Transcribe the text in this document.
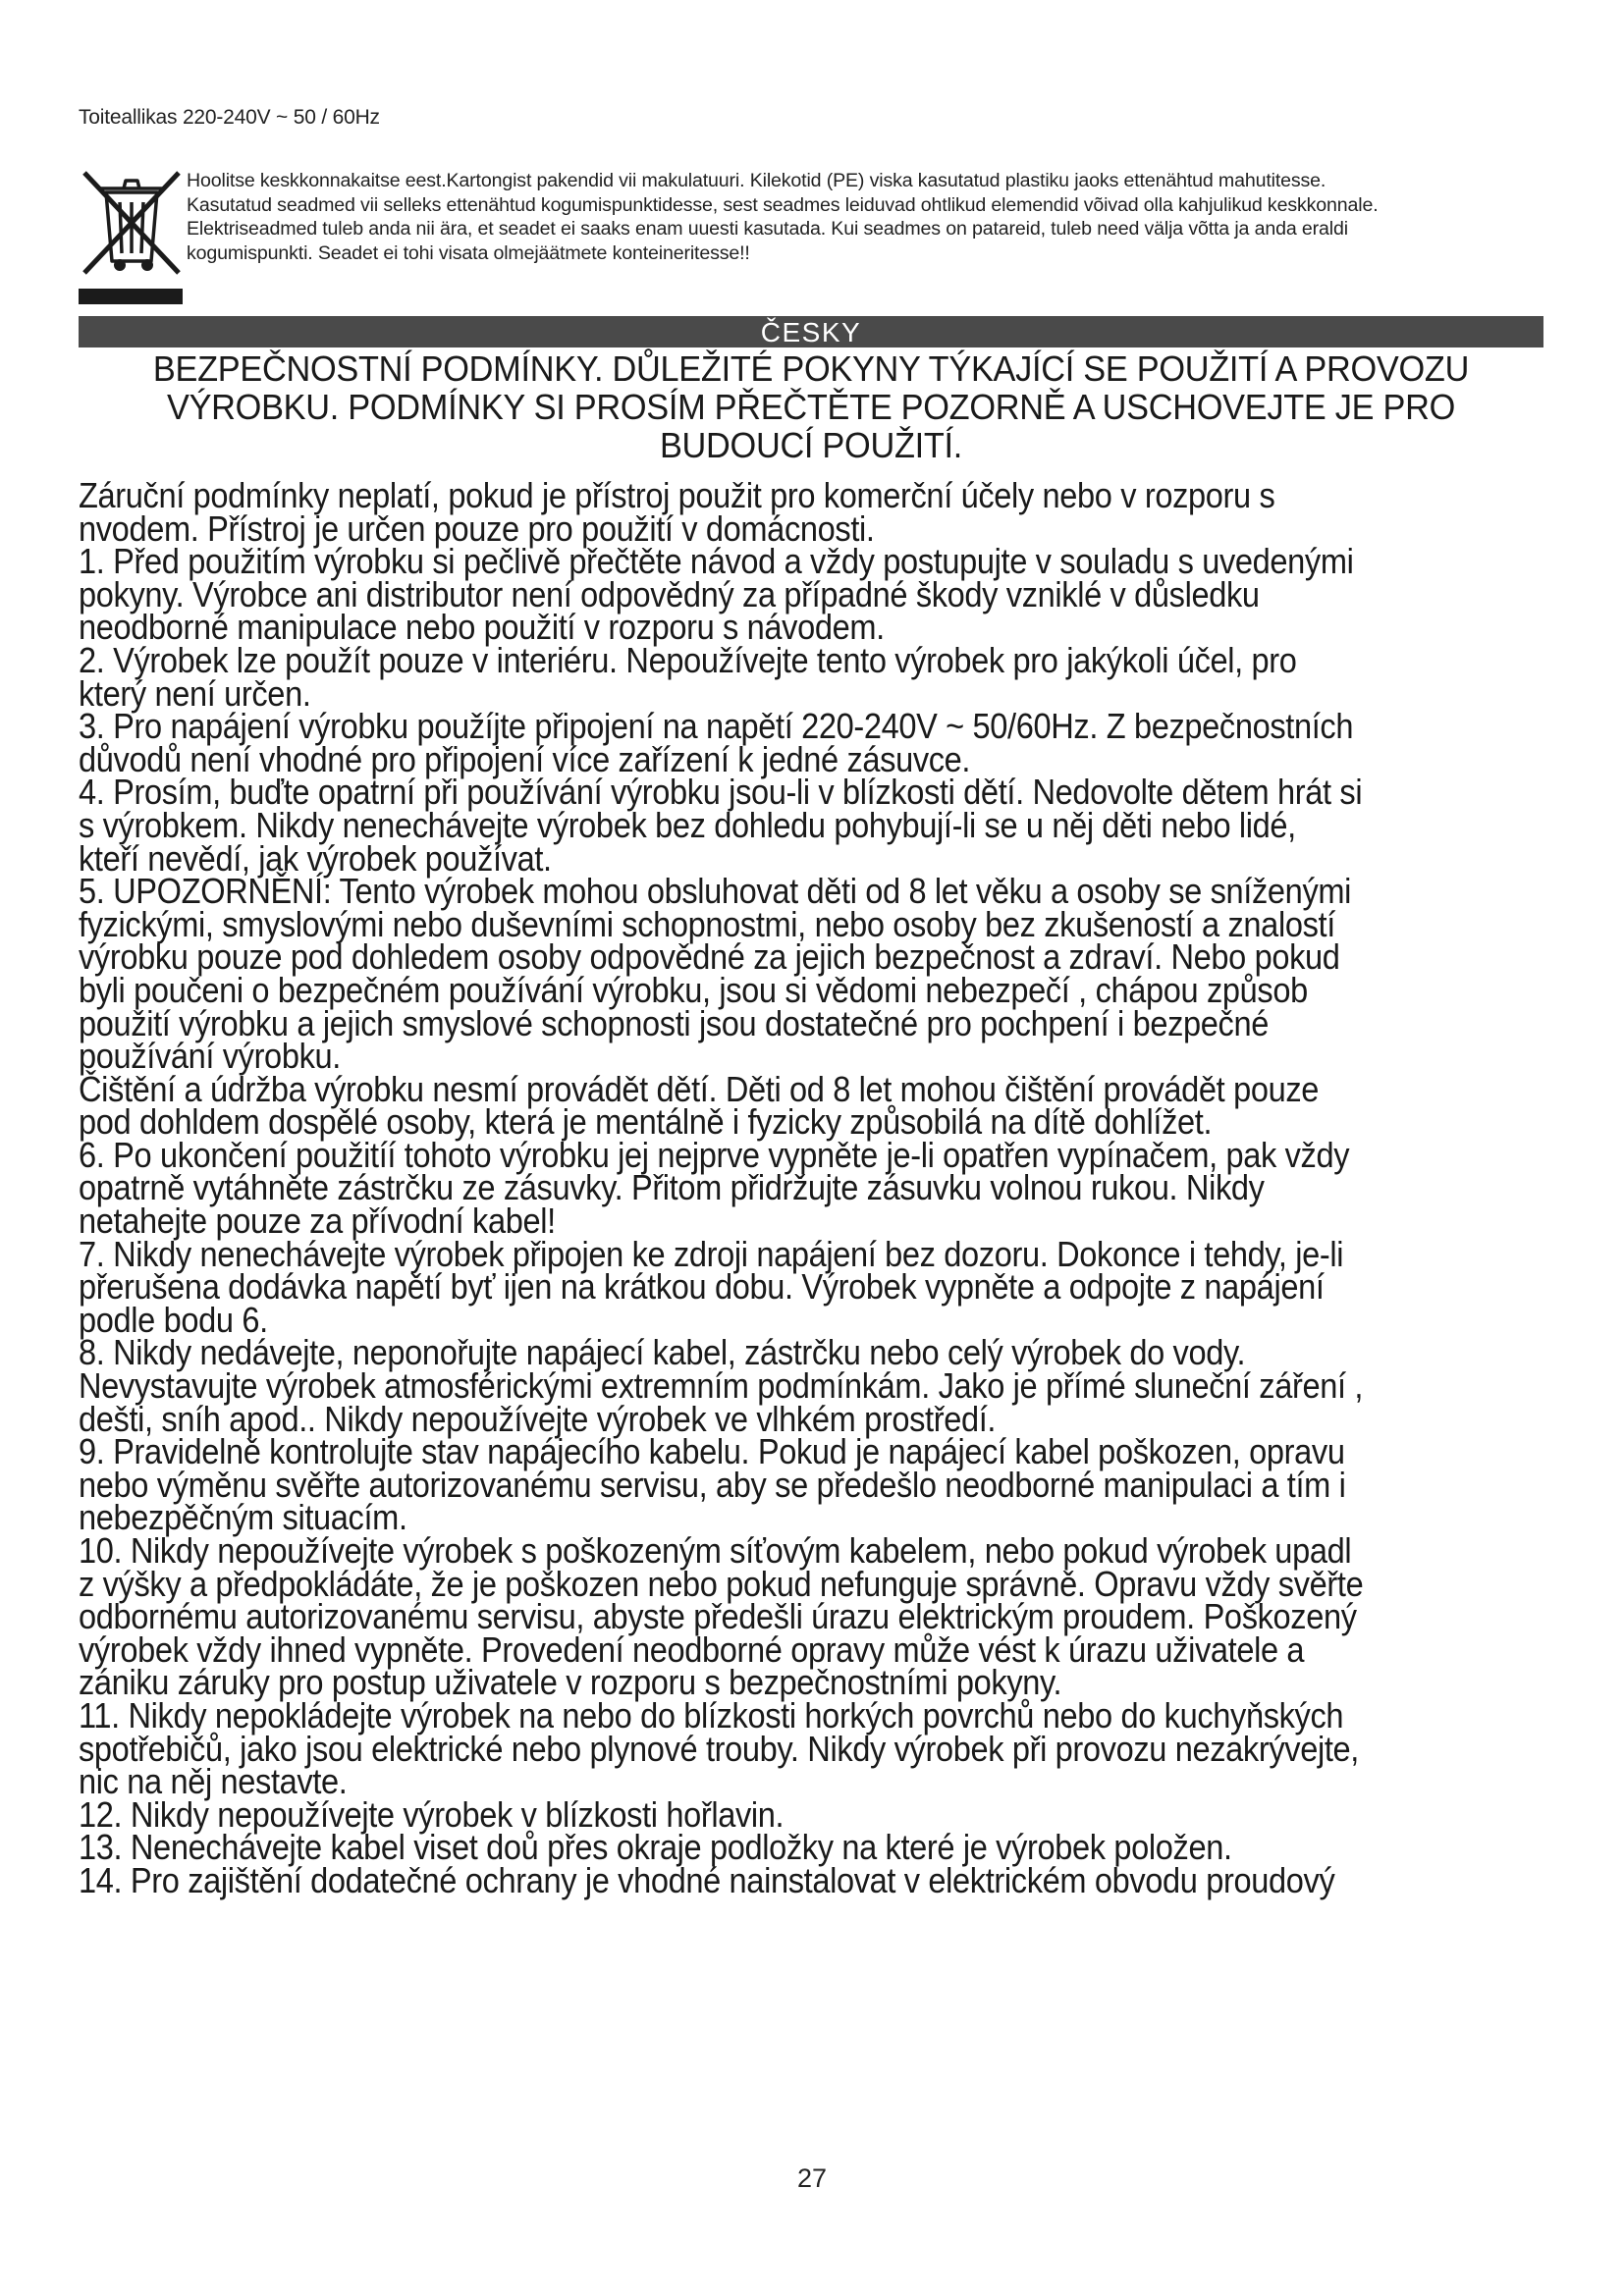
Toiteallikas 220-240V ~ 50 / 60Hz

Hoolitse keskkonnakaitse eest.Kartongist pakendid vii makulatuuri. Kilekotid (PE) viska kasutatud plastiku jaoks ettenähtud mahutitesse.

Kasutatud seadmed vii selleks ettenähtud kogumispunktidesse, sest seadmes leiduvad ohtlikud elemendid võivad olla kahjulikud keskkonnale.

Elektriseadmed tuleb anda nii ära, et seadet ei saaks enam uuesti kasutada. Kui seadmes on patareid, tuleb need välja võtta ja anda eraldi

kogumispunkti. Seadet ei tohi visata olmejäätmete konteineritesse!!

ČESKY

BEZPEČNOSTNÍ PODMÍNKY. DŮLEŽITÉ POKYNY TÝKAJÍCÍ SE POUŽITÍ A PROVOZU

VÝROBKU. PODMÍNKY SI PROSÍM PŘEČTĚTE POZORNĚ A USCHOVEJTE JE PRO

BUDOUCÍ POUŽITÍ.

Záruční podmínky neplatí, pokud je přístroj použit pro komerční účely nebo v rozporu s

nvodem. Přístroj je určen pouze pro použití v domácnosti.

1. Před použitím výrobku si pečlivě přečtěte návod a vždy postupujte v souladu s uvedenými

pokyny. Výrobce ani distributor není odpovědný za případné škody vzniklé v důsledku

neodborné manipulace nebo použití v rozporu s návodem.

2. Výrobek lze použít pouze v interiéru. Nepoužívejte tento výrobek pro jakýkoli účel, pro

který není určen.

3. Pro napájení výrobku použíjte připojení na napětí 220-240V ~ 50/60Hz. Z bezpečnostních

důvodů není vhodné pro připojení více zařízení k jedné zásuvce.

4. Prosím, buďte opatrní při používání výrobku jsou-li v blízkosti dětí. Nedovolte dětem hrát si

s výrobkem. Nikdy nenechávejte výrobek bez dohledu pohybují-li se u něj děti nebo lidé,

kteří nevědí, jak výrobek používat.

5. UPOZORNĚNÍ: Tento výrobek mohou obsluhovat děti od 8 let věku a osoby se sníženými

fyzickými, smyslovými nebo duševními schopnostmi, nebo osoby bez zkušeností a znalostí

výrobku pouze pod dohledem osoby odpovědné za jejich bezpečnost a zdraví. Nebo pokud

byli poučeni o bezpečném používání výrobku, jsou si vědomi nebezpečí , chápou způsob

použití výrobku a jejich smyslové schopnosti jsou dostatečné pro pochpení i bezpečné

používání výrobku.

Čištění a údržba výrobku nesmí provádět dětí. Děti od 8 let mohou čištění provádět pouze

pod dohldem dospělé osoby, která je mentálně i fyzicky způsobilá na dítě dohlížet.

6. Po ukončení použitíí tohoto výrobku jej nejprve vypněte je-li opatřen vypínačem, pak vždy

opatrně vytáhněte zástrčku ze zásuvky. Přitom přidržujte zásuvku volnou rukou. Nikdy

netahejte pouze za přívodní kabel!

7. Nikdy nenechávejte výrobek připojen ke zdroji napájení bez dozoru. Dokonce i tehdy, je-li

přerušena dodávka napětí byť ijen na krátkou dobu. Výrobek vypněte a odpojte z napájení

podle bodu 6.

8. Nikdy nedávejte, neponořujte napájecí kabel, zástrčku nebo celý výrobek do vody.

Nevystavujte výrobek atmosférickými extremním podmínkám. Jako je přímé sluneční záření ,

dešti, sníh apod.. Nikdy nepoužívejte výrobek ve vlhkém prostředí.

9. Pravidelně kontrolujte stav napájecího kabelu. Pokud je napájecí kabel poškozen, opravu

nebo výměnu svěřte autorizovanému servisu, aby se předešlo neodborné manipulaci a tím i

nebezpěčným situacím.

10. Nikdy nepoužívejte výrobek s poškozeným síťovým kabelem, nebo pokud výrobek upadl

z výšky a předpokládáte, že je poškozen nebo pokud nefunguje správně. Opravu vždy svěřte

odbornému autorizovanému servisu, abyste předešli úrazu elektrickým proudem. Poškozený

výrobek vždy ihned vypněte. Provedení neodborné opravy může vést k úrazu uživatele a

zániku záruky pro postup uživatele v rozporu s bezpečnostními pokyny.

11. Nikdy nepokládejte výrobek na nebo do blízkosti horkých povrchů nebo do kuchyňských

spotřebičů, jako jsou elektrické nebo plynové trouby. Nikdy výrobek při provozu nezakrývejte,

nic na něj nestavte.

12. Nikdy nepoužívejte výrobek v blízkosti hořlavin.

13. Nenechávejte kabel viset doů přes okraje podložky na které je výrobek položen.

14. Pro zajištění dodatečné ochrany je vhodné nainstalovat v elektrickém obvodu proudový

27
